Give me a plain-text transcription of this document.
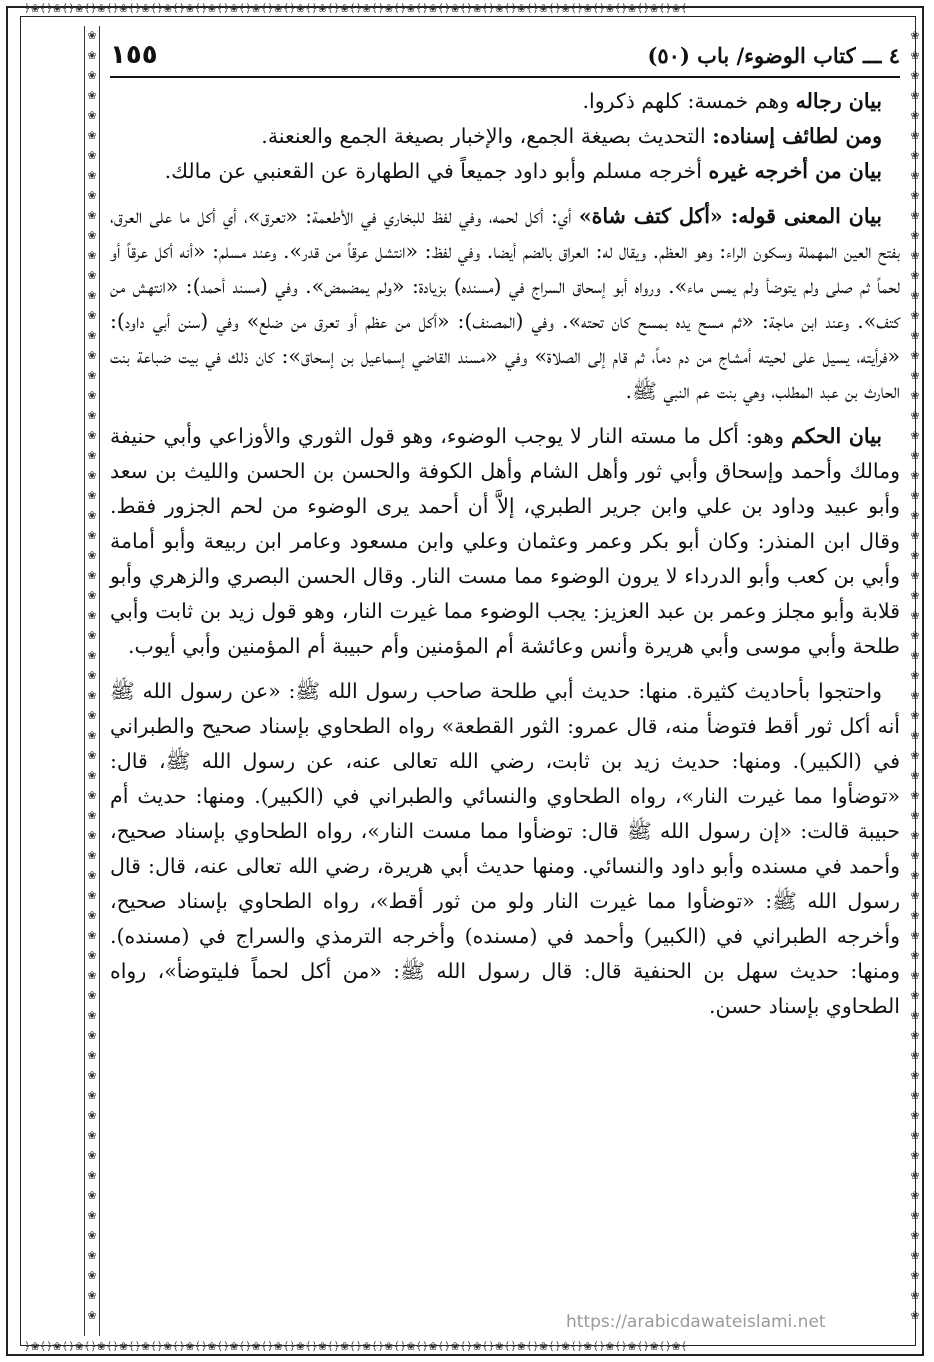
﴿❀﴾﴿❀﴾﴿❀﴾﴿❀﴾﴿❀﴾﴿❀﴾﴿❀﴾﴿❀﴾﴿❀﴾﴿❀﴾﴿❀﴾﴿❀﴾﴿❀﴾﴿❀﴾﴿❀﴾﴿❀﴾﴿❀﴾﴿❀﴾﴿❀﴾﴿❀﴾﴿❀﴾﴿❀﴾﴿❀﴾﴿❀﴾﴿❀﴾﴿❀﴾﴿❀﴾﴿❀﴾﴿❀﴾﴿❀﴾
﴿❀﴾﴿❀﴾﴿❀﴾﴿❀﴾﴿❀﴾﴿❀﴾﴿❀﴾﴿❀﴾﴿❀﴾﴿❀﴾﴿❀﴾﴿❀﴾﴿❀﴾﴿❀﴾﴿❀﴾﴿❀﴾﴿❀﴾﴿❀﴾﴿❀﴾﴿❀﴾﴿❀﴾﴿❀﴾﴿❀﴾﴿❀﴾﴿❀﴾﴿❀﴾﴿❀﴾﴿❀﴾﴿❀﴾﴿❀﴾
❀❀❀❀❀❀❀❀❀❀❀❀❀❀❀❀❀❀❀❀❀❀❀❀❀❀❀❀❀❀❀❀❀❀❀❀❀❀❀❀❀❀❀❀❀❀❀❀❀❀❀❀❀❀❀❀❀❀❀❀❀❀❀❀❀
❀❀❀❀❀❀❀❀❀❀❀❀❀❀❀❀❀❀❀❀❀❀❀❀❀❀❀❀❀❀❀❀❀❀❀❀❀❀❀❀❀❀❀❀❀❀❀❀❀❀❀❀❀❀❀❀❀❀❀❀❀❀❀❀❀
٤ ـــ كتاب الوضوء/ باب (٥٠)
١٥٥

بيان رجاله وهم خمسة: كلهم ذكروا.

ومن لطائف إسناده: التحديث بصيغة الجمع، والإخبار بصيغة الجمع والعنعنة.

بيان من أخرجه غيره أخرجه مسلم وأبو داود جميعاً في الطهارة عن القعنبي عن مالك.

بيان المعنى قوله: «أكل كتف شاة» أي: أكل لحمه، وفي لفظ للبخاري في الأطعمة: «تعرق»، أي أكل ما على العرق، بفتح العين المهملة وسكون الراء: وهو العظم. ويقال له: العراق بالضم أيضا. وفي لفظ: «انتشل عرقاً من قدر». وعند مسلم: «أنه أكل عرقاً أو لحماً ثم صلى ولم يتوضأ ولم يمس ماء». ورواه أبو إسحاق السراج في (مسنده) بزيادة: «ولم يمضمض». وفي (مسند أحمد): «انتهش من كتف». وعند ابن ماجة: «ثم مسح يده بمسح كان تحته». وفي (المصنف): «أكل من عظم أو تعرق من ضلع» وفي (سنن أبي داود): «فرأيته، يسيل على لحيته أمشاج من دم دماً، ثم قام إلى الصلاة» وفي «مسند القاضي إسماعيل بن إسحاق»: كان ذلك في بيت ضباعة بنت الحارث بن عبد المطلب، وهي بنت عم النبي ﷺ.

بيان الحكم وهو: أكل ما مسته النار لا يوجب الوضوء، وهو قول الثوري والأوزاعي وأبي حنيفة ومالك وأحمد وإسحاق وأبي ثور وأهل الشام وأهل الكوفة والحسن بن الحسن والليث بن سعد وأبو عبيد وداود بن علي وابن جرير الطبري، إلاَّ أن أحمد يرى الوضوء من لحم الجزور فقط. وقال ابن المنذر: وكان أبو بكر وعمر وعثمان وعلي وابن مسعود وعامر ابن ربيعة وأبو أمامة وأبي بن كعب وأبو الدرداء لا يرون الوضوء مما مست النار. وقال الحسن البصري والزهري وأبو قلابة وأبو مجلز وعمر بن عبد العزيز: يجب الوضوء مما غيرت النار، وهو قول زيد بن ثابت وأبي طلحة وأبي موسى وأبي هريرة وأنس وعائشة أم المؤمنين وأم حبيبة أم المؤمنين وأبي أيوب.

واحتجوا بأحاديث كثيرة. منها: حديث أبي طلحة صاحب رسول الله ﷺ: «عن رسول الله ﷺ أنه أكل ثور أقط فتوضأ منه، قال عمرو: الثور القطعة» رواه الطحاوي بإسناد صحيح والطبراني في (الكبير). ومنها: حديث زيد بن ثابت، رضي الله تعالى عنه، عن رسول الله ﷺ، قال: «توضأوا مما غيرت النار»، رواه الطحاوي والنسائي والطبراني في (الكبير). ومنها: حديث أم حبيبة قالت: «إن رسول الله ﷺ قال: توضأوا مما مست النار»، رواه الطحاوي بإسناد صحيح، وأحمد في مسنده وأبو داود والنسائي. ومنها حديث أبي هريرة، رضي الله تعالى عنه، قال: قال رسول الله ﷺ: «توضأوا مما غيرت النار ولو من ثور أقط»، رواه الطحاوي بإسناد صحيح، وأخرجه الطبراني في (الكبير) وأحمد في (مسنده) وأخرجه الترمذي والسراج في (مسنده). ومنها: حديث سهل بن الحنفية قال: قال رسول الله ﷺ: «من أكل لحماً فليتوضأ»، رواه الطحاوي بإسناد حسن.

https://arabicdawateislami.net
